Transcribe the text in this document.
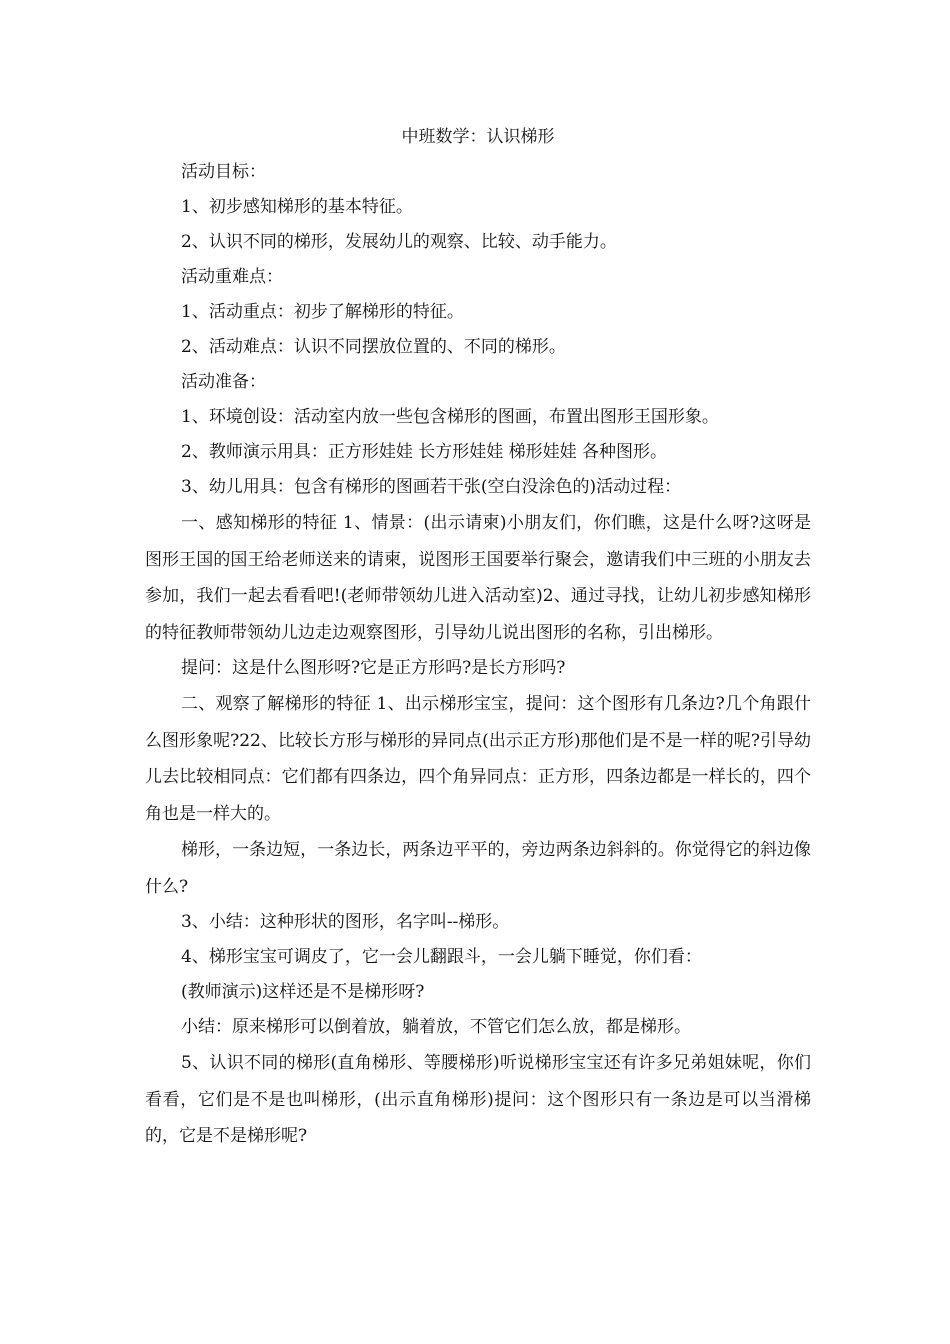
中班数学：认识梯形

活动目标：

1、初步感知梯形的基本特征。

2、认识不同的梯形，发展幼儿的观察、比较、动手能力。

活动重难点：

1、活动重点：初步了解梯形的特征。

2、活动难点：认识不同摆放位置的、不同的梯形。

活动准备：

1、环境创设：活动室内放一些包含梯形的图画，布置出图形王国形象。

2、教师演示用具：正方形娃娃 长方形娃娃 梯形娃娃 各种图形。

3、幼儿用具：包含有梯形的图画若干张(空白没涂色的)活动过程：

一、感知梯形的特征 1、情景：(出示请柬)小朋友们，你们瞧，这是什么呀?这呀是图形王国的国王给老师送来的请柬，说图形王国要举行聚会，邀请我们中三班的小朋友去参加，我们一起去看看吧!(老师带领幼儿进入活动室)2、通过寻找，让幼儿初步感知梯形的特征教师带领幼儿边走边观察图形，引导幼儿说出图形的名称，引出梯形。

提问：这是什么图形呀?它是正方形吗?是长方形吗?

二、观察了解梯形的特征 1、出示梯形宝宝，提问：这个图形有几条边?几个角跟什么图形象呢?22、比较长方形与梯形的异同点(出示正方形)那他们是不是一样的呢?引导幼儿去比较相同点：它们都有四条边，四个角异同点：正方形，四条边都是一样长的，四个角也是一样大的。

梯形，一条边短，一条边长，两条边平平的，旁边两条边斜斜的。你觉得它的斜边像什么?

3、小结：这种形状的图形，名字叫--梯形。

4、梯形宝宝可调皮了，它一会儿翻跟斗，一会儿躺下睡觉，你们看：

(教师演示)这样还是不是梯形呀?

小结：原来梯形可以倒着放，躺着放，不管它们怎么放，都是梯形。

5、认识不同的梯形(直角梯形、等腰梯形)听说梯形宝宝还有许多兄弟姐妹呢，你们看看，它们是不是也叫梯形，(出示直角梯形)提问：这个图形只有一条边是可以当滑梯的，它是不是梯形呢?
